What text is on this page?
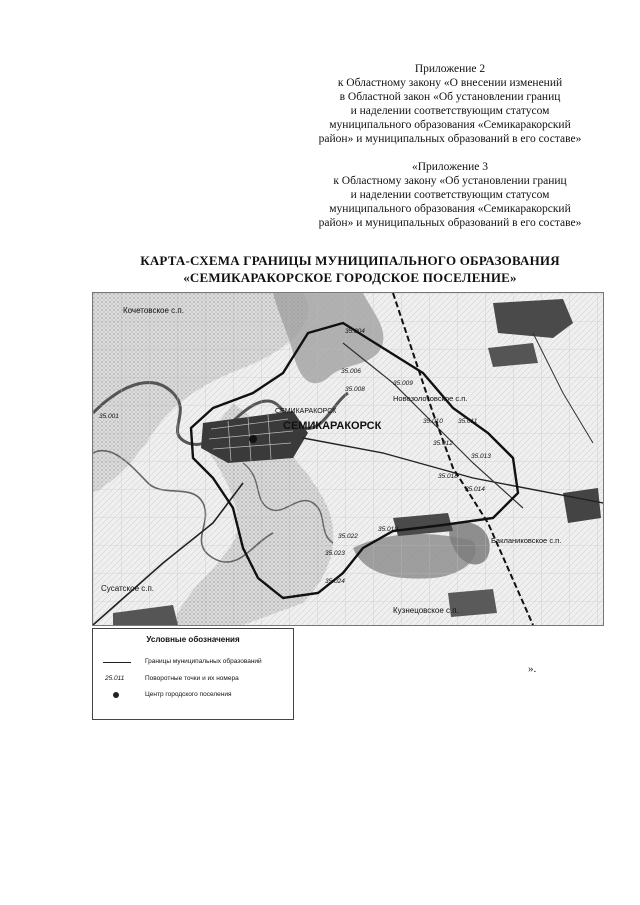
Приложение 2
к Областному закону «О внесении изменений
в Областной закон «Об установлении границ
и наделении соответствующим статусом
муниципального образования «Семикаракорский
район» и муниципальных образований в его составе»
«Приложение 3
к Областному закону «Об установлении границ
и наделении соответствующим статусом
муниципального образования «Семикаракорский
район» и муниципальных образований в его составе»
КАРТА-СХЕМА ГРАНИЦЫ МУНИЦИПАЛЬНОГО ОБРАЗОВАНИЯ
«СЕМИКАРАКОРСКОЕ ГОРОДСКОЕ ПОСЕЛЕНИЕ»
Кочетовское с.п.
Новозолотовское с.п.
СЕМИКАРАКОРСК
СЕМИКАРАКОРСК
Бакланиковское с.п.
Сусатское с.п.
Кузнецовское с.п.
35.004
35.006
35.008
35.009
35.010 35.011
35.012
35.013
35.014
35.018
35.019
35.022
35.023
35.024
35.001
Условные обозначения
Границы муниципальных образований
25.011	Поворотные точки и их номера
Центр городского поселения
».
